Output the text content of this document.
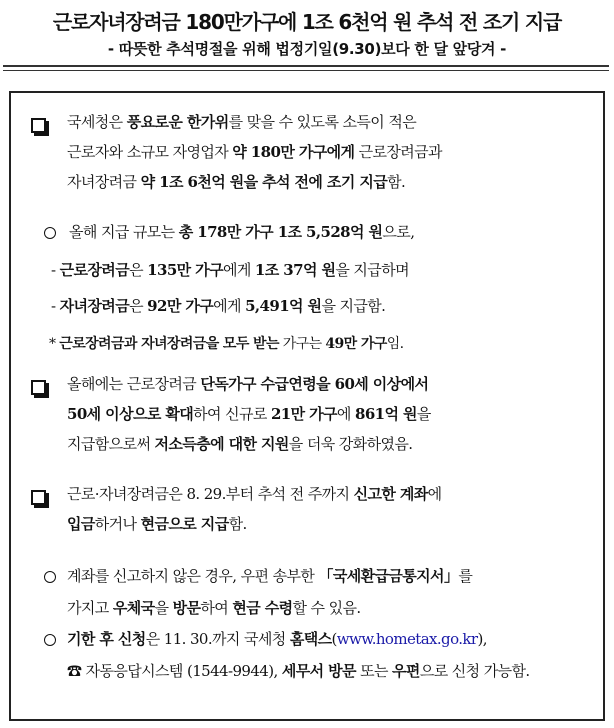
근로자녀장려금 180만가구에 1조 6천억 원 추석 전 조기 지급
- 따뜻한 추석명절을 위해 법정기일(9.30)보다 한 달 앞당겨 -
국세청은 풍요로운 한가위를 맞을 수 있도록 소득이 적은
근로자와 소규모 자영업자 약 180만 가구에게 근로장려금과
자녀장려금 약 1조 6천억 원을 추석 전에 조기 지급함.
올해 지급 규모는 총 178만 가구 1조 5,528억 원으로,
- 근로장려금은 135만 가구에게 1조 37억 원을 지급하며
- 자녀장려금은 92만 가구에게 5,491억 원을 지급함.
* 근로장려금과 자녀장려금을 모두 받는 가구는 49만 가구임.
올해에는 근로장려금 단독가구 수급연령을 60세 이상에서
50세 이상으로 확대하여 신규로 21만 가구에 861억 원을
지급함으로써 저소득층에 대한 지원을 더욱 강화하였음.
근로·자녀장려금은 8. 29.부터 추석 전 주까지 신고한 계좌에
입금하거나 현금으로 지급함.
계좌를 신고하지 않은 경우, 우편 송부한 「국세환급금통지서」를
가지고 우체국을 방문하여 현금 수령할 수 있음.
기한 후 신청은 11. 30.까지 국세청 홈택스(www.hometax.go.kr),
☎ 자동응답시스템 (1544-9944), 세무서 방문 또는 우편으로 신청 가능함.
